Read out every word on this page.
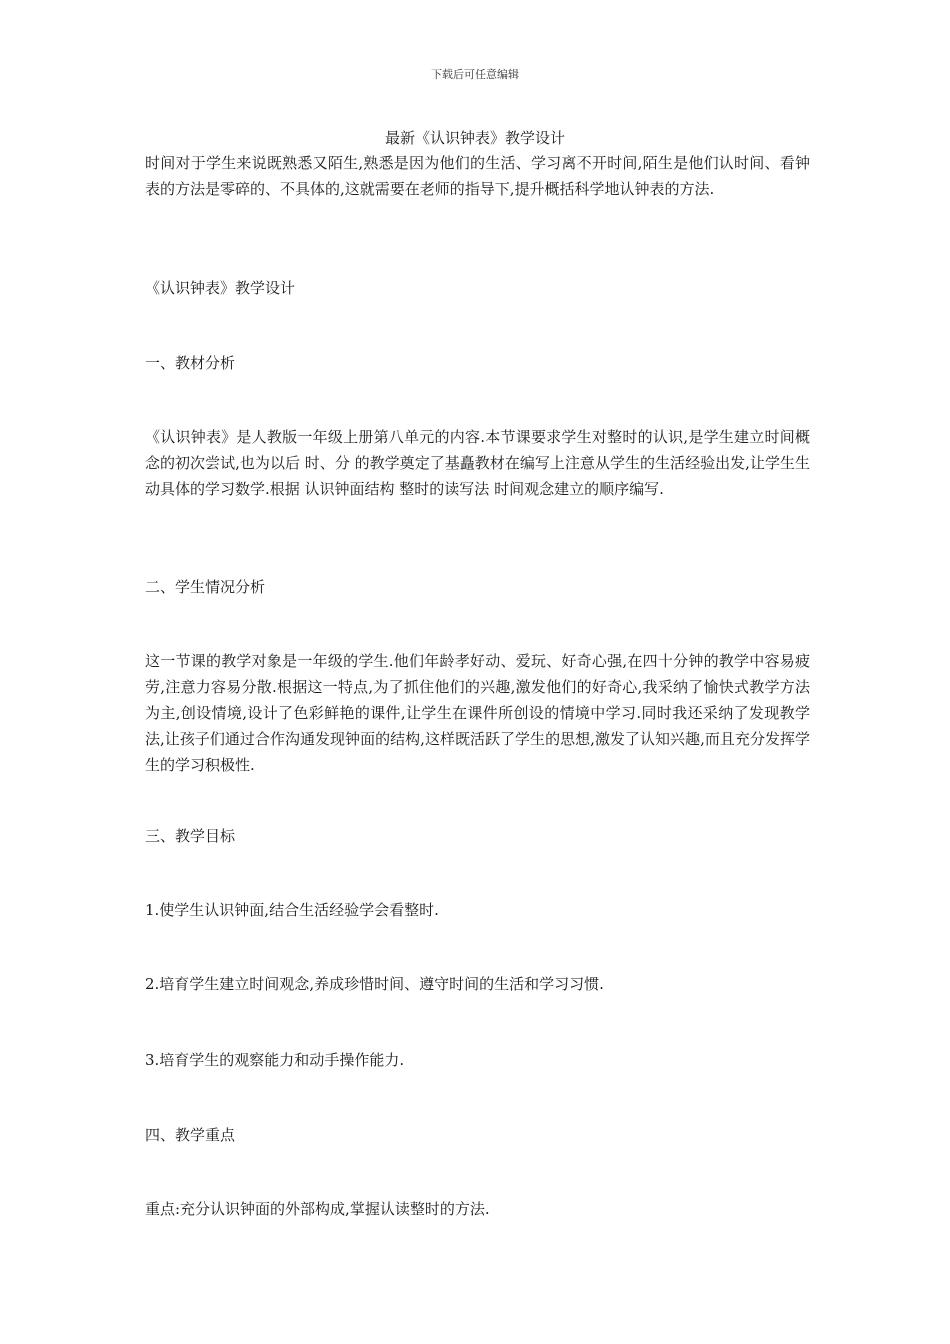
下载后可任意编辑
最新《认识钟表》教学设计

时间对于学生来说既熟悉又陌生,熟悉是因为他们的生活、学习离不开时间,陌生是他们认时间、看钟表的方法是零碎的、不具体的,这就需要在老师的指导下,提升概括科学地认钟表的方法.

《认识钟表》教学设计

一、教材分析

《认识钟表》是人教版一年级上册第八单元的内容.本节课要求学生对整时的认识,是学生建立时间概念的初次尝试,也为以后 时、分 的教学奠定了基矗教材在编写上注意从学生的生活经验出发,让学生生动具体的学习数学.根据 认识钟面结构 整时的读写法 时间观念建立的顺序编写.

二、学生情况分析

这一节课的教学对象是一年级的学生.他们年龄孝好动、爱玩、好奇心强,在四十分钟的教学中容易疲劳,注意力容易分散.根据这一特点,为了抓住他们的兴趣,激发他们的好奇心,我采纳了愉快式教学方法为主,创设情境,设计了色彩鲜艳的课件,让学生在课件所创设的情境中学习.同时我还采纳了发现教学法,让孩子们通过合作沟通发现钟面的结构,这样既活跃了学生的思想,激发了认知兴趣,而且充分发挥学生的学习积极性.

三、教学目标

1.使学生认识钟面,结合生活经验学会看整时.

2.培育学生建立时间观念,养成珍惜时间、遵守时间的生活和学习习惯.

3.培育学生的观察能力和动手操作能力.

四、教学重点

重点:充分认识钟面的外部构成,掌握认读整时的方法.
